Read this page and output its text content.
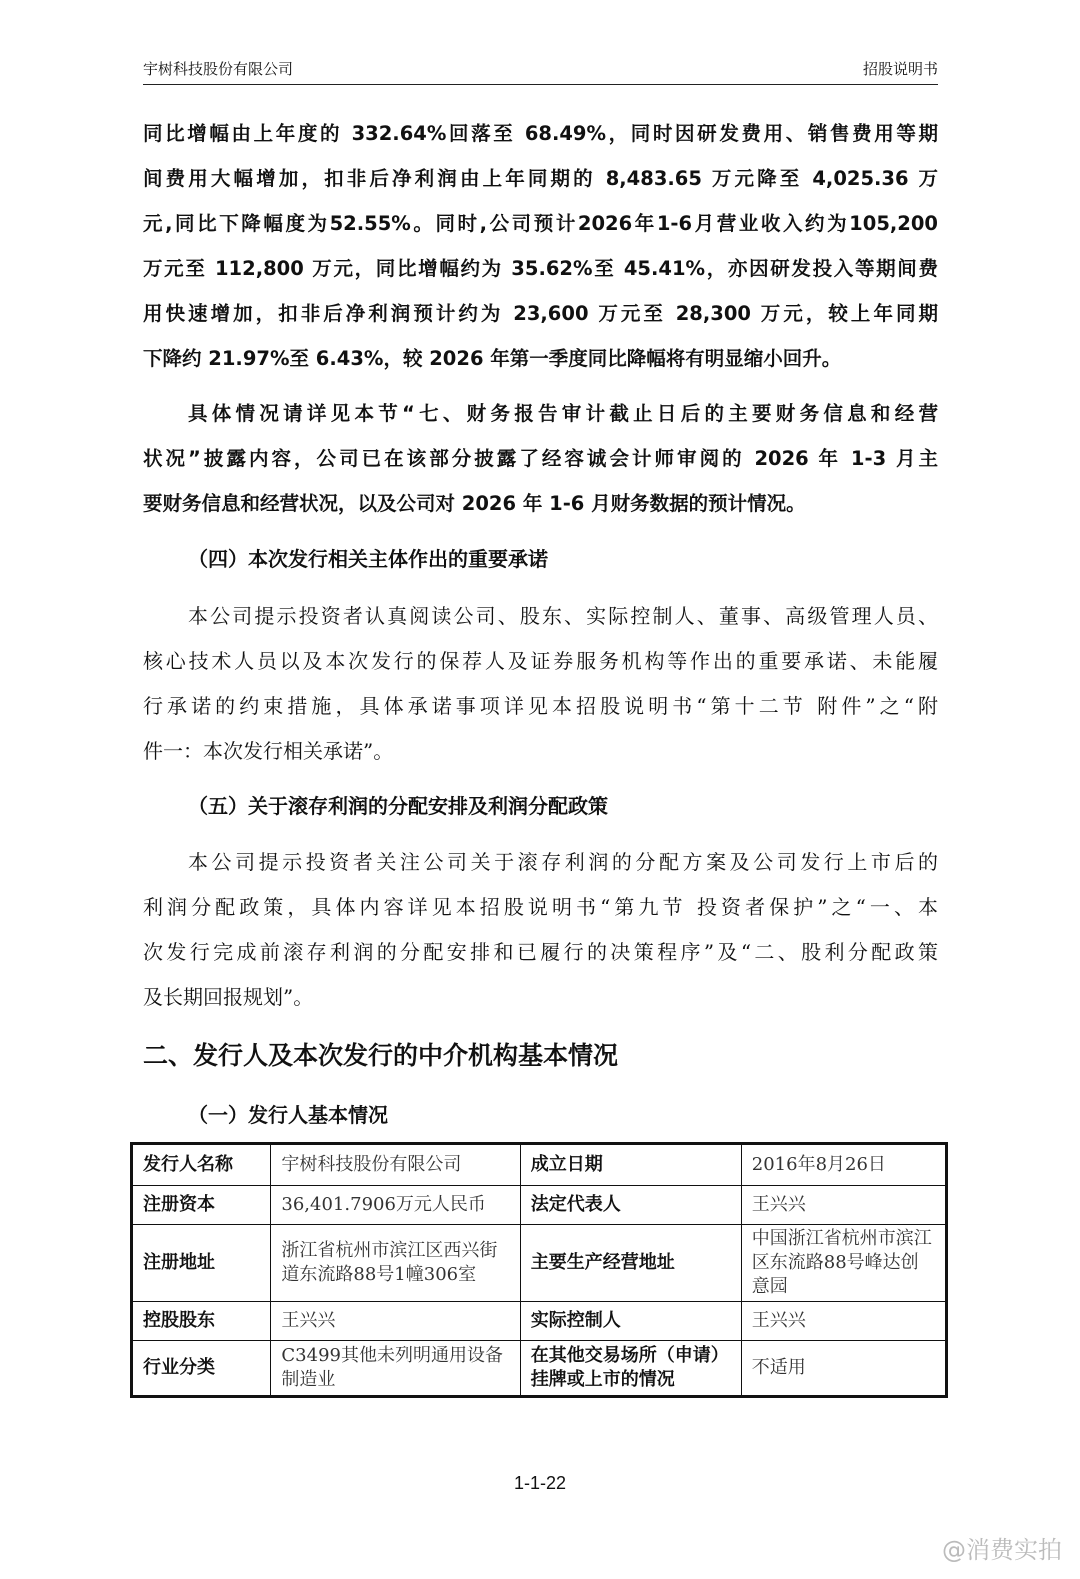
宇树科技股份有限公司	招股说明书
同比增幅由上年度的 332.64%回落至 68.49%，同时因研发费用、销售费用等期
间费用大幅增加，扣非后净利润由上年同期的 8,483.65 万元降至 4,025.36 万
元,同比下降幅度为52.55%。同时,公司预计2026年1-6月营业收入约为105,200
万元至 112,800 万元，同比增幅约为 35.62%至 45.41%，亦因研发投入等期间费
用快速增加，扣非后净利润预计约为 23,600 万元至 28,300 万元，较上年同期
下降约 21.97%至 6.43%，较 2026 年第一季度同比降幅将有明显缩小回升。
具体情况请详见本节“七、财务报告审计截止日后的主要财务信息和经营
状况”披露内容，公司已在该部分披露了经容诚会计师审阅的 2026 年 1-3 月主
要财务信息和经营状况，以及公司对 2026 年 1-6 月财务数据的预计情况。
（四）本次发行相关主体作出的重要承诺
本公司提示投资者认真阅读公司、股东、实际控制人、董事、高级管理人员、
核心技术人员以及本次发行的保荐人及证券服务机构等作出的重要承诺、未能履
行承诺的约束措施，具体承诺事项详见本招股说明书“第十二节 附件”之“附
件一：本次发行相关承诺”。
（五）关于滚存利润的分配安排及利润分配政策
本公司提示投资者关注公司关于滚存利润的分配方案及公司发行上市后的
利润分配政策，具体内容详见本招股说明书“第九节 投资者保护”之“一、本
次发行完成前滚存利润的分配安排和已履行的决策程序”及“二、股利分配政策
及长期回报规划”。
二、发行人及本次发行的中介机构基本情况
（一）发行人基本情况
发行人名称	宇树科技股份有限公司	成立日期	2016年8月26日
注册资本	36,401.7906万元人民币	法定代表人	王兴兴
注册地址	浙江省杭州市滨江区西兴街道东流路88号1幢306室	主要生产经营地址	中国浙江省杭州市滨江区东流路88号峰达创意园
控股股东	王兴兴	实际控制人	王兴兴
行业分类	C3499其他未列明通用设备制造业	在其他交易场所（申请）挂牌或上市的情况	不适用
1-1-22
@消费实拍
